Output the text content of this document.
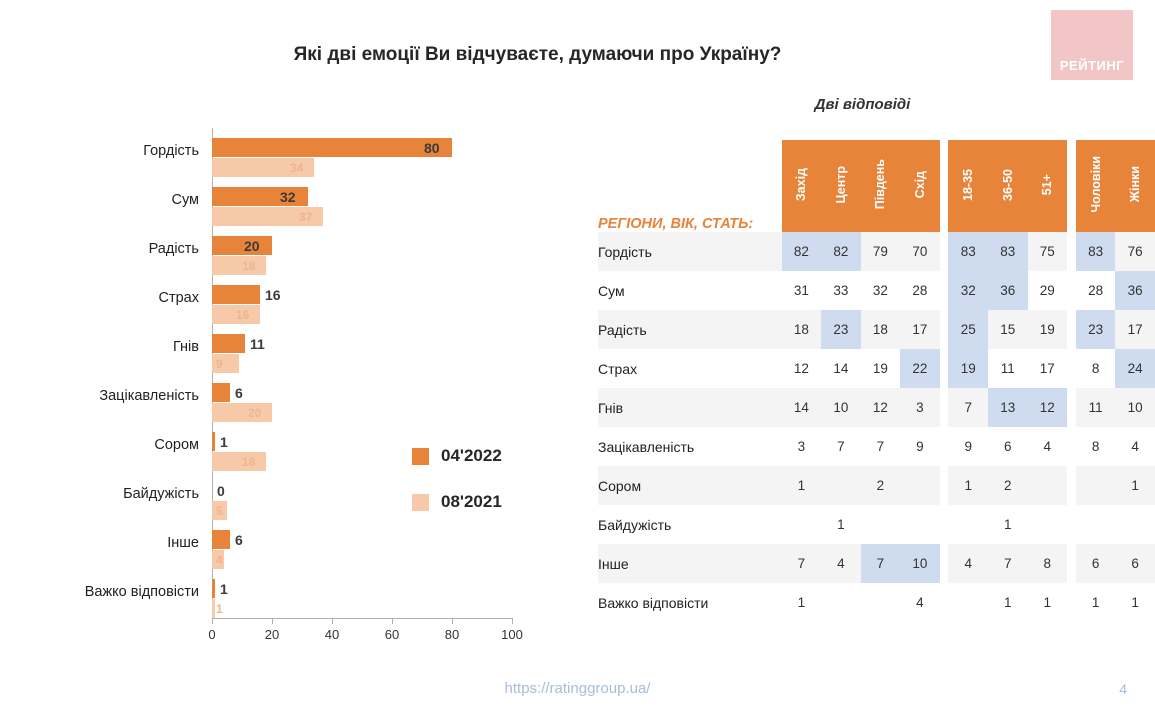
РЕЙТИНГ
Які дві емоції Ви відчуваєте, думаючи про Україну?
Дві відповіді
Гордість
Сум
Радість
Страх
Гнів
Зацікавленість
Сором
Байдужість
Інше
Важко відповісти
0	20	40	60	80	100
80
34
32
37
20
18
16
16
11
9
6
20
1
18
0
5
6
4
1
1
04'2022
08'2021
РЕГІОНИ, ВІК, СТАТЬ:	Захід	Центр	Південь	Схід		18-35	36-50	51+		Чоловіки	Жінки
Гордість	82	82	79	70		83	83	75		83	76
Сум	31	33	32	28		32	36	29		28	36
Радість	18	23	18	17		25	15	19		23	17
Страх	12	14	19	22		19	11	17		8	24
Гнів	14	10	12	3		7	13	12		11	10
Зацікавленість	3	7	7	9		9	6	4		8	4
Сором	1		2			1	2				1
Байдужість		1					1				
Інше	7	4	7	10		4	7	8		6	6
Важко відповісти	1			4			1	1		1	1
https://ratinggroup.ua/	4
